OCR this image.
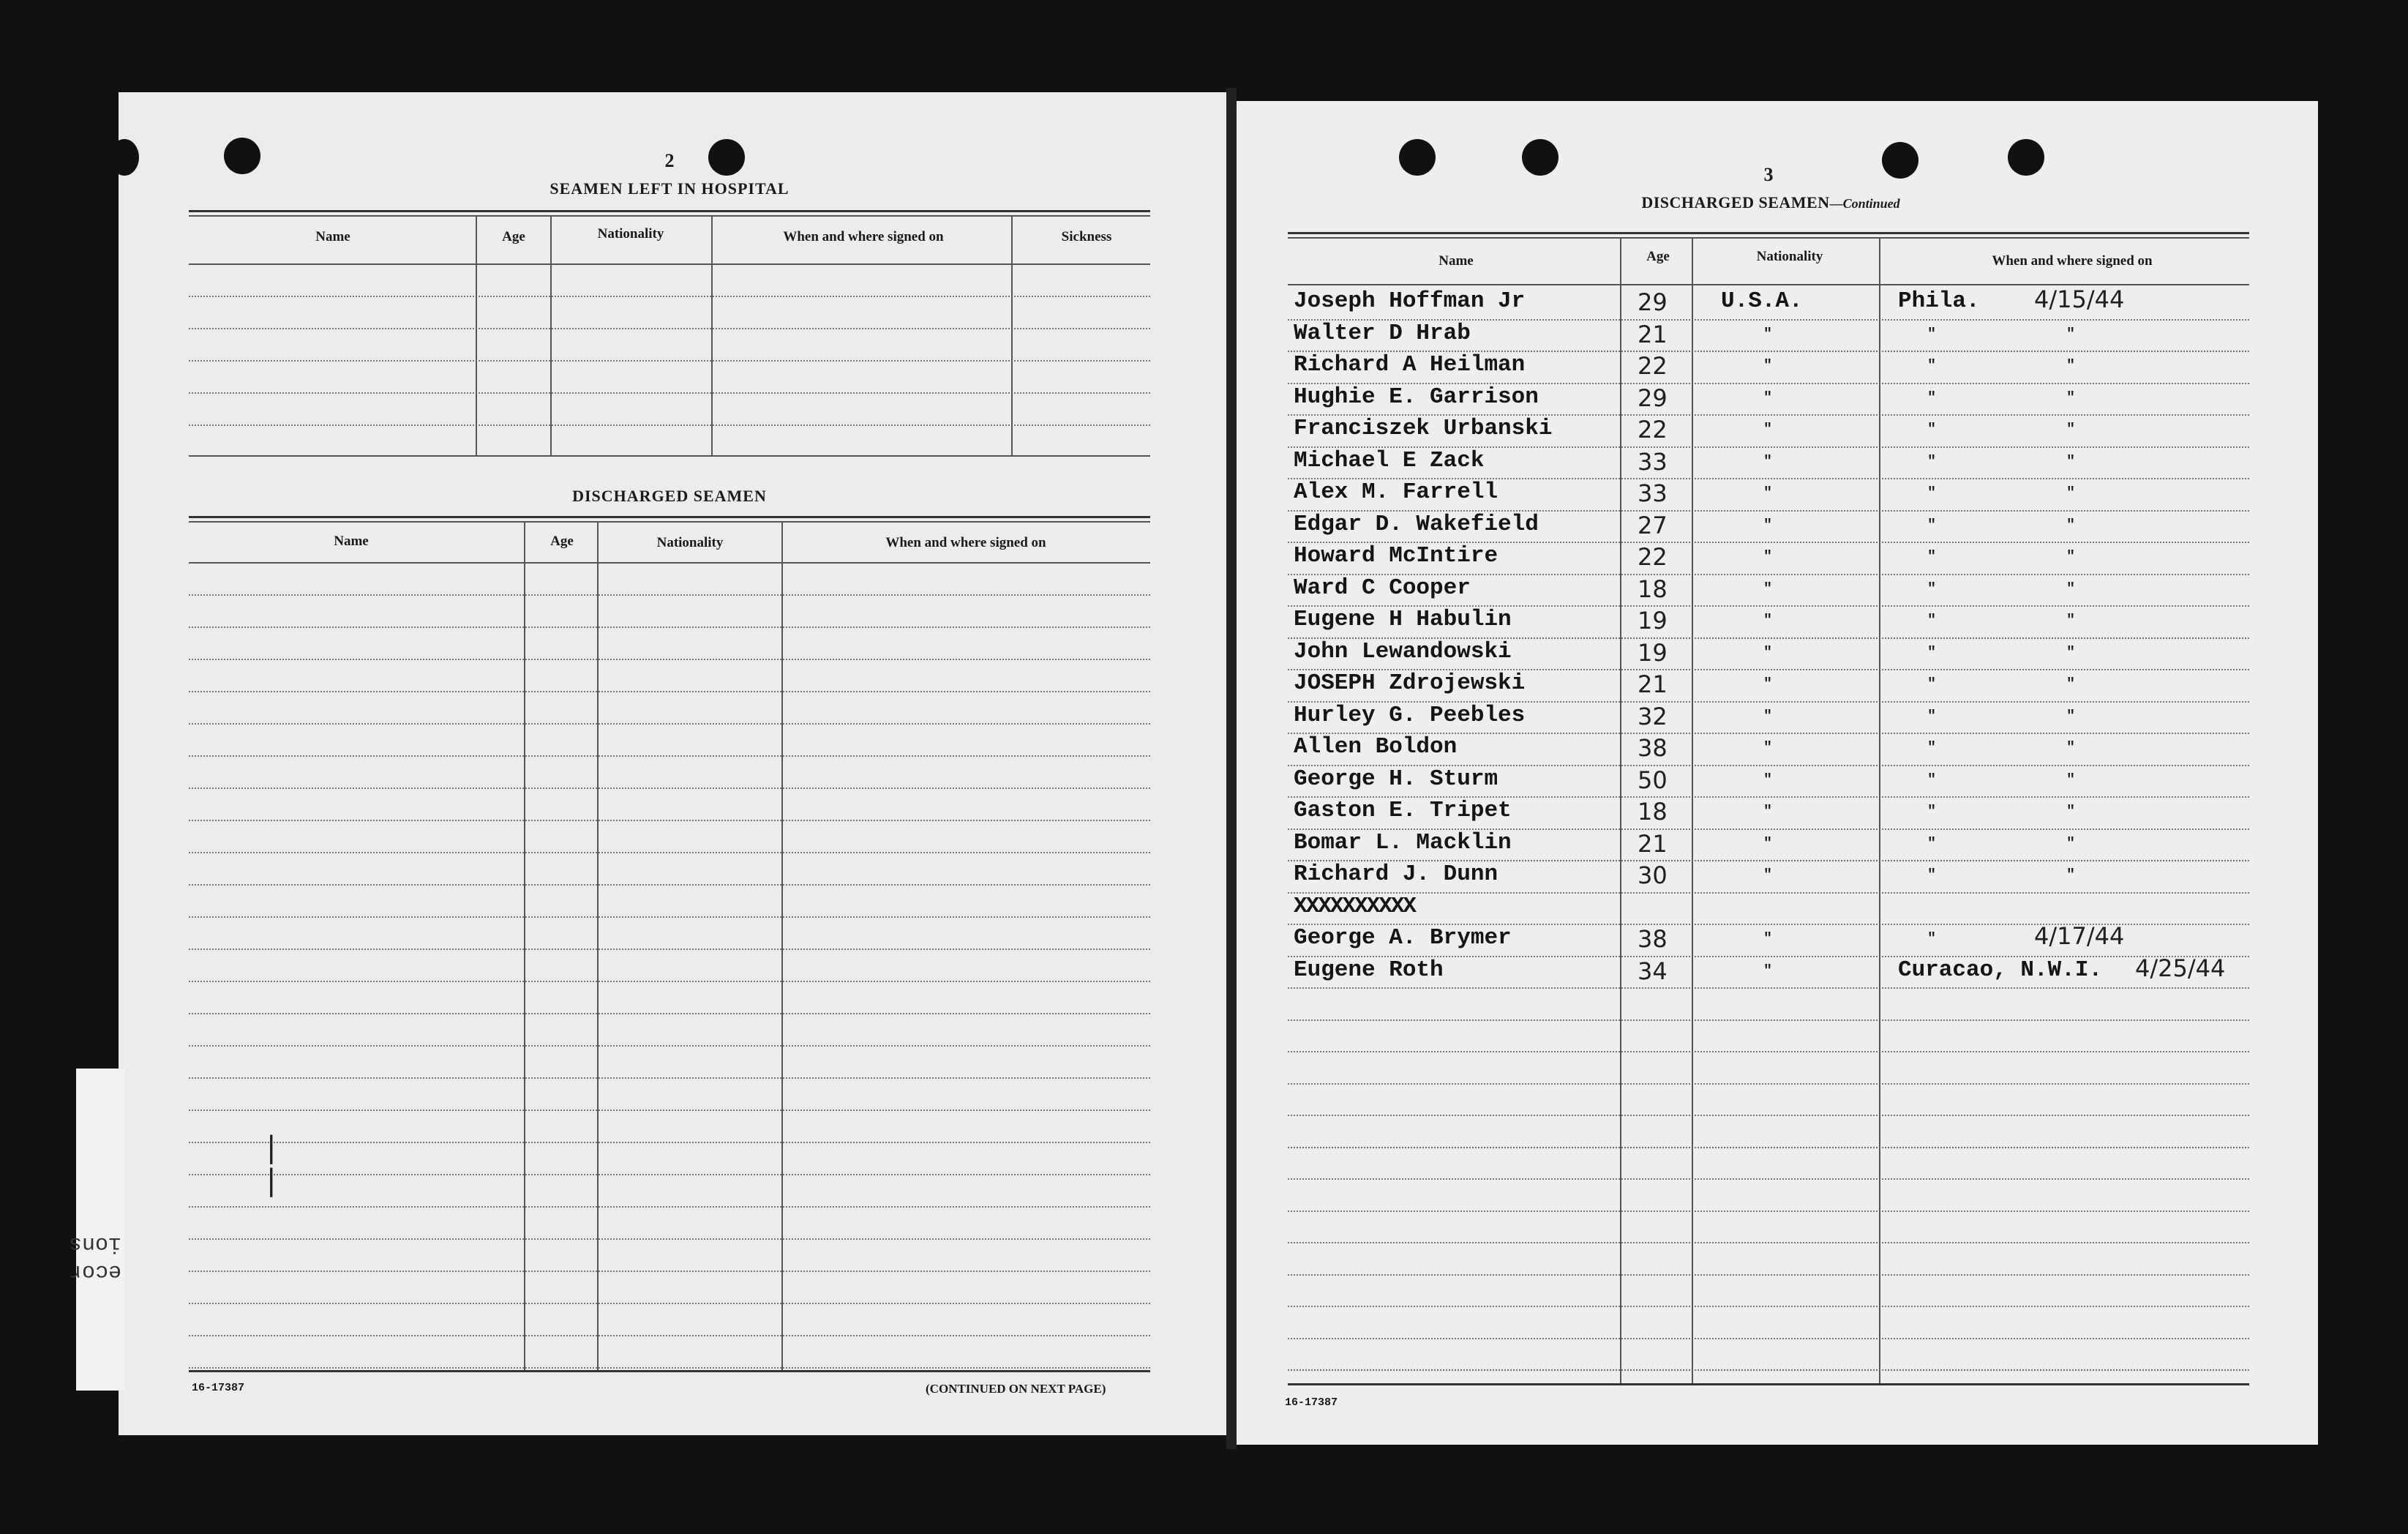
ecor
ions
2
SEAMEN LEFT IN HOSPITAL
Name	Age	Nationality	When and where signed on	Sickness
DISCHARGED SEAMEN
Name	Age	Nationality	When and where signed on
|
|
16-17387	(CONTINUED ON NEXT PAGE)
3
DISCHARGED SEAMEN—Continued
Name	Age	Nationality	When and where signed on
Joseph Hoffman Jr	29 U.S.A.	Phila. 4/15/44
Walter D Hrab	21	"	"	"
Richard A Heilman	22	"	"	"
Hughie E. Garrison	29	"	"	"
Franciszek Urbanski	22	"	"	"
Michael E Zack	33	"	"	"
Alex M. Farrell	33	"	"	"
Edgar D. Wakefield	27	"	"	"
Howard McIntire	22	"	"	"
Ward C Cooper	18	"	"	"
Eugene H Habulin	19	"	"	"
John Lewandowski	19	"	"	"
JOSEPH Zdrojewski	21	"	"	"
Hurley G. Peebles	32	"	"	"
Allen Boldon	38	"	"	"
George H. Sturm	50	"	"	"
Gaston E. Tripet	18	"	"	"
Bomar L. Macklin	21	"	"	"
Richard J. Dunn	30	"	"	"
XXXXXXXXXX
George A. Brymer	38	"	"	4/17/44
Eugene Roth	34	"	Curacao, N.W.I. 4/25/44
16-17387
